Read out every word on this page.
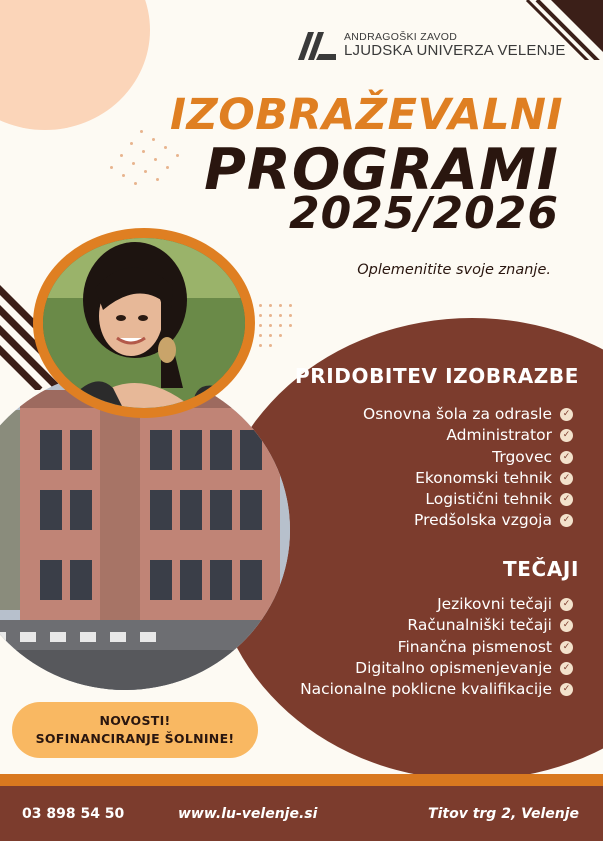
ANDRAGOŠKI ZAVOD
LJUDSKA UNIVERZA VELENJE
IZOBRAŽEVALNI
PROGRAMI
2025/2026
Oplemenitite svoje znanje.
PRIDOBITEV IZOBRAZBE
Osnovna šola za odrasle ✓
Administrator ✓
Trgovec ✓
Ekonomski tehnik ✓
Logistični tehnik ✓
Predšolska vzgoja ✓
TEČAJI
Jezikovni tečaji ✓
Računalniški tečaji ✓
Finančna pismenost ✓
Digitalno opismenjevanje ✓
Nacionalne poklicne kvalifikacije ✓
NOVOSTI!
SOFINANCIRANJE ŠOLNINE!
03 898 54 50	www.lu-velenje.si	Titov trg 2, Velenje
